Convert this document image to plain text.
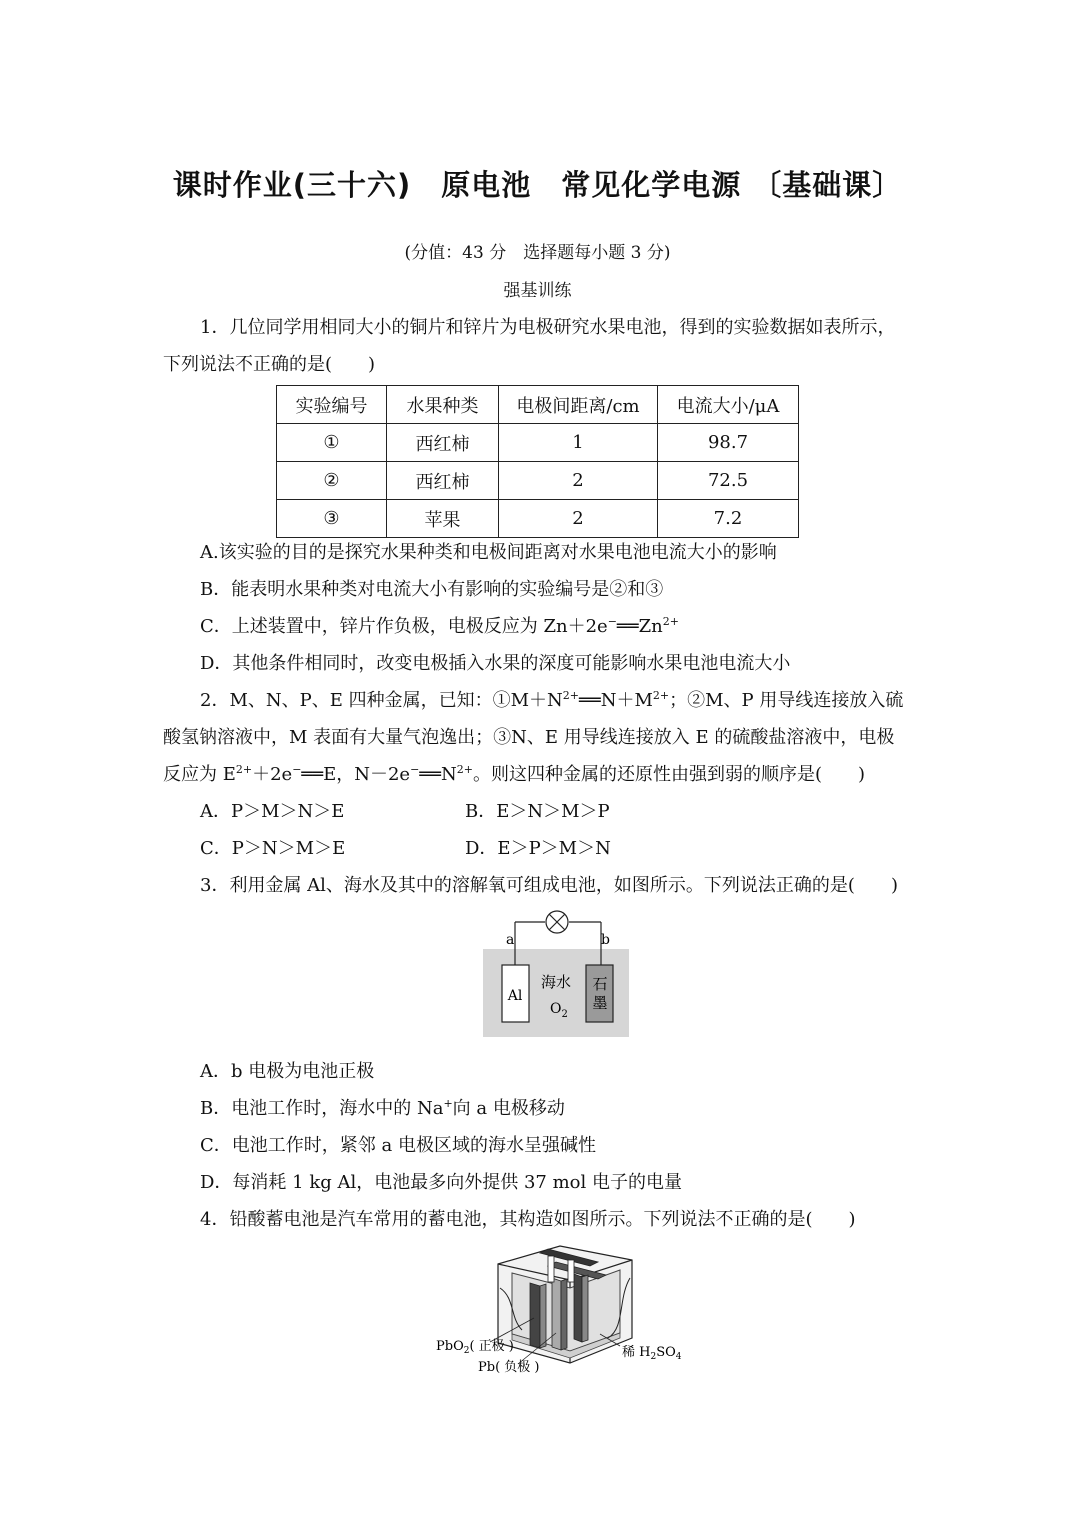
课时作业(三十六)　原电池　常见化学电源 〔基础课〕
(分值：43 分　选择题每小题 3 分)
强基训练
1．几位同学用相同大小的铜片和锌片为电极研究水果电池，得到的实验数据如表所示，
下列说法不正确的是(　　)
实验编号	水果种类	电极间距离/cm	电流大小/μA
①	西红柿	1	98.7
②	西红柿	2	72.5
③	苹果	2	7.2
A.该实验的目的是探究水果种类和电极间距离对水果电池电流大小的影响
B．能表明水果种类对电流大小有影响的实验编号是②和③
C．上述装置中，锌片作负极，电极反应为 $Zn+2e^-══Zn^{2+}$
D．其他条件相同时，改变电极插入水果的深度可能影响水果电池电流大小
2．M、N、P、E 四种金属，已知：$①M+N^{2+}══N+M^{2+}$；②M、P 用导线连接放入硫
酸氢钠溶液中，M 表面有大量气泡逸出；③N、E 用导线连接放入 E 的硫酸盐溶液中，电极
反应为 $E^{2+}+2e^-══E$，$N-2e^-══N^{2+}$。则这四种金属的还原性由强到弱的顺序是(　　)
A．P＞M＞N＞E	B．E＞N＞M＞P
C．P＞N＞M＞E	D．E＞P＞M＞N
3．利用金属 Al、海水及其中的溶解氧可组成电池，如图所示。下列说法正确的是(　　)
a	b
Al
石
墨
海水
$O_2$
A．b 电极为电池正极
B．电池工作时，海水中的 Na+向 a 电极移动
C．电池工作时，紧邻 a 电极区域的海水呈强碱性
D．每消耗 1 kg Al，电池最多向外提供 37 mol 电子的电量
4．铅酸蓄电池是汽车常用的蓄电池，其构造如图所示。下列说法不正确的是(　　)
PbO$_2$( 正极 )
Pb( 负极 )
稀 $H_2SO_4$
